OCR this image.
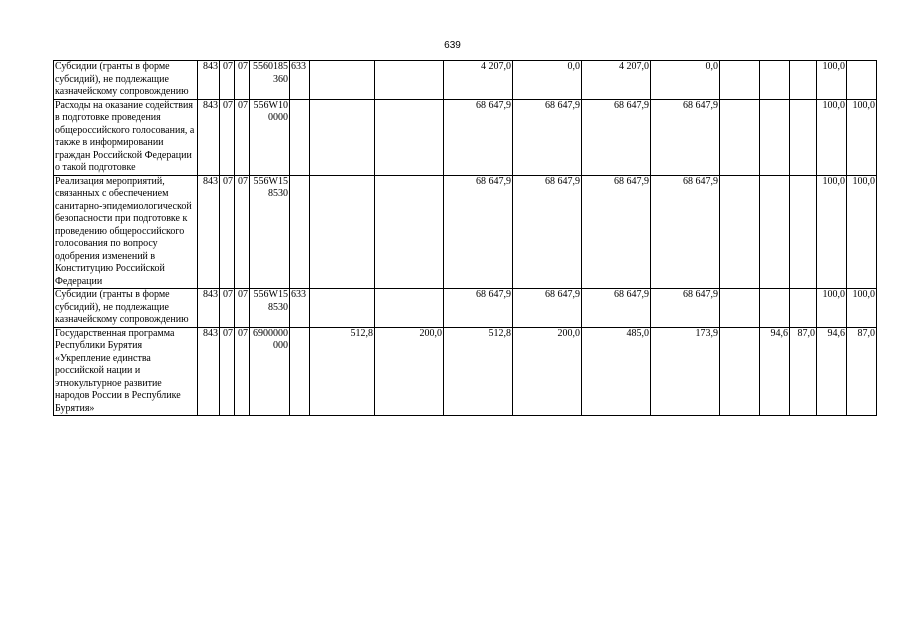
639
Субсидии (гранты в форме субсидий), не подлежащие казначейскому сопровождению	843	07	07	5560185360	633			4 207,0	0,0	4 207,0	0,0				100,0	
Расходы на оказание содействия в подготовке проведения общероссийского голосования, а также в информировании граждан Российской Федерации о такой подготовке	843	07	07	556W100000				68 647,9	68 647,9	68 647,9	68 647,9				100,0	100,0
Реализация мероприятий, связанных с обеспечением санитарно-эпидемиологической безопасности при подготовке к проведению общероссийского голосования по вопросу одобрения изменений в Конституцию Российской Федерации	843	07	07	556W158530				68 647,9	68 647,9	68 647,9	68 647,9				100,0	100,0
Субсидии (гранты в форме субсидий), не подлежащие казначейскому сопровождению	843	07	07	556W158530	633			68 647,9	68 647,9	68 647,9	68 647,9				100,0	100,0
Государственная программа Республики Бурятия «Укрепление единства российской нации и этнокультурное развитие народов России в Республике Бурятия»	843	07	07	6900000000		512,8	200,0	512,8	200,0	485,0	173,9		94,6	87,0	94,6	87,0
